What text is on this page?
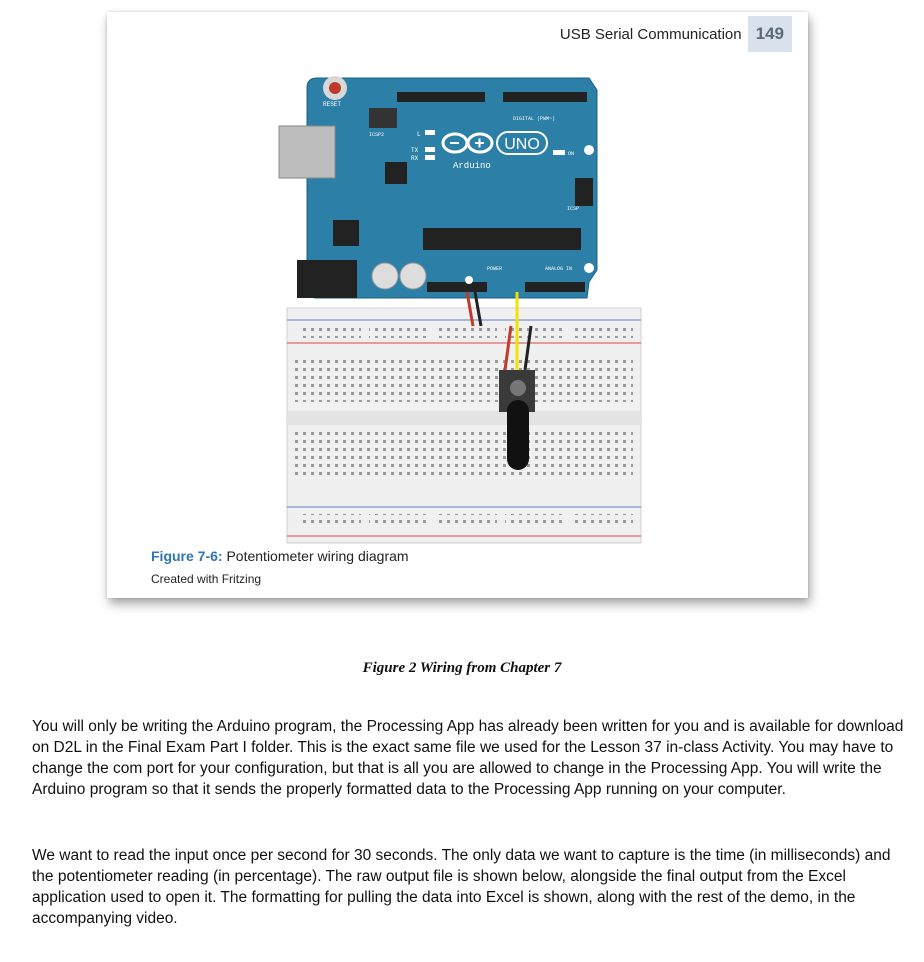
USB Serial Communication 149
RESET
ICSP2
DIGITAL (PWM~)
L
TX
RX
UNO
Arduino
ON
ICSP
POWER	ANALOG IN
Figure 7-6: Potentiometer wiring diagram
Created with Fritzing
Figure 2 Wiring from Chapter 7

You will only be writing the Arduino program, the Processing App has already been written for you and is available for download on D2L in the Final Exam Part I folder. This is the exact same file we used for the Lesson 37 in-class Activity. You may have to change the com port for your configuration, but that is all you are allowed to change in the Processing App. You will write the Arduino program so that it sends the properly formatted data to the Processing App running on your computer.

We want to read the input once per second for 30 seconds. The only data we want to capture is the time (in milliseconds) and the potentiometer reading (in percentage). The raw output file is shown below, alongside the final output from the Excel application used to open it. The formatting for pulling the data into Excel is shown, along with the rest of the demo, in the accompanying video.
